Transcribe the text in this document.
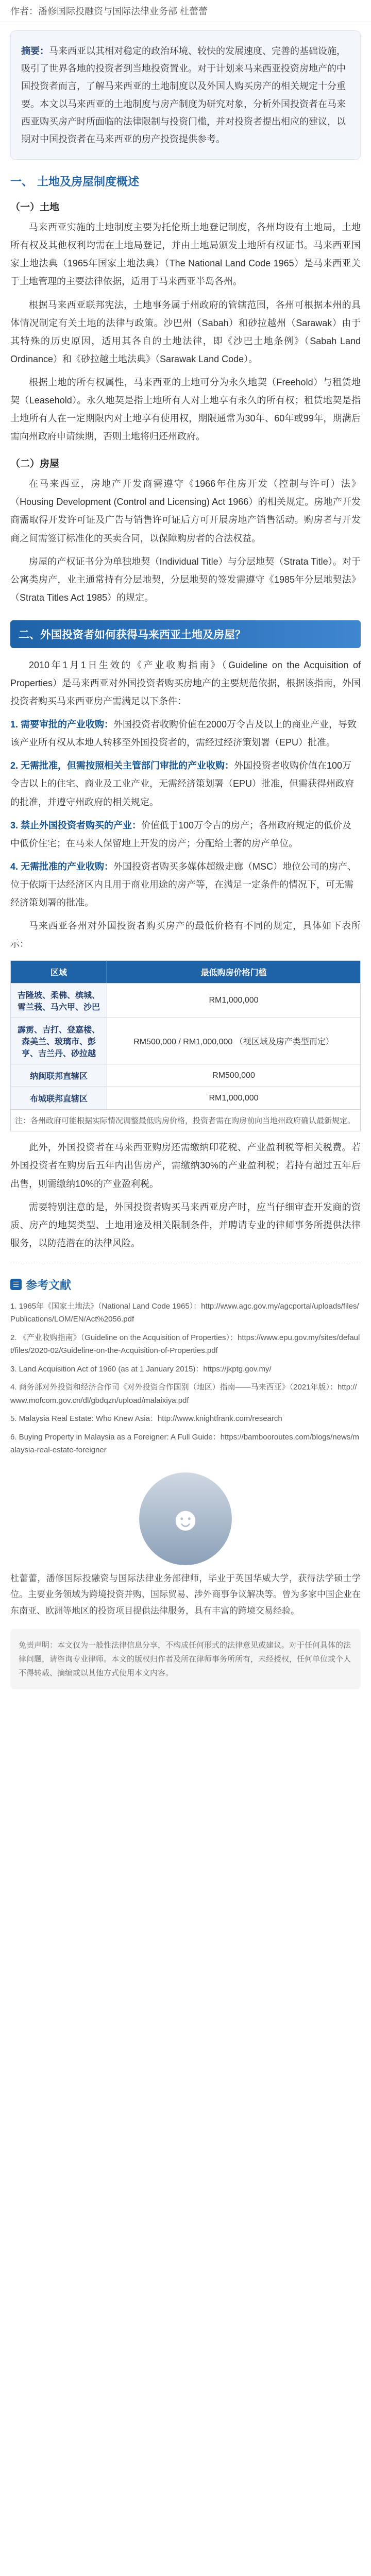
作者：潘修国际投融资与国际法律业务部 杜蕾蕾
摘要：马来西亚以其相对稳定的政治环境、较快的发展速度、完善的基础设施，吸引了世界各地的投资者到当地投资置业。对于计划来马来西亚投资房地产的中国投资者而言，了解马来西亚的土地制度以及外国人购买房产的相关规定十分重要。本文以马来西亚的土地制度与房产制度为研究对象，分析外国投资者在马来西亚购买房产时所面临的法律限制与投资门槛，并对投资者提出相应的建议，以期对中国投资者在马来西亚的房产投资提供参考。
一、 土地及房屋制度概述
（一）土地

马来西亚实施的土地制度主要为托伦斯土地登记制度，各州均设有土地局，土地所有权及其他权利均需在土地局登记，并由土地局颁发土地所有权证书。马来西亚国家土地法典（1965年国家土地法典）（The National Land Code 1965）是马来西亚关于土地管理的主要法律依据，适用于马来西亚半岛各州。

根据马来西亚联邦宪法，土地事务属于州政府的管辖范围，各州可根据本州的具体情况制定有关土地的法律与政策。沙巴州（Sabah）和砂拉越州（Sarawak）由于其特殊的历史原因，适用其各自的土地法律，即《沙巴土地条例》（Sabah Land Ordinance）和《砂拉越土地法典》（Sarawak Land Code）。

根据土地的所有权属性，马来西亚的土地可分为永久地契（Freehold）与租赁地契（Leasehold）。永久地契是指土地所有人对土地享有永久的所有权；租赁地契是指土地所有人在一定期限内对土地享有使用权，期限通常为30年、60年或99年，期满后需向州政府申请续期，否则土地将归还州政府。

（二）房屋

在马来西亚，房地产开发商需遵守《1966年住房开发（控制与许可）法》（Housing Development (Control and Licensing) Act 1966）的相关规定。房地产开发商需取得开发许可证及广告与销售许可证后方可开展房地产销售活动。购房者与开发商之间需签订标准化的买卖合同，以保障购房者的合法权益。

房屋的产权证书分为单独地契（Individual Title）与分层地契（Strata Title）。对于公寓类房产，业主通常持有分层地契，分层地契的签发需遵守《1985年分层地契法》（Strata Titles Act 1985）的规定。

二、外国投资者如何获得马来西亚土地及房屋？

2010年1月1日生效的《产业收购指南》（Guideline on the Acquisition of Properties）是马来西亚对外国投资者购买房地产的主要规范依据，根据该指南，外国投资者购买马来西亚房产需满足以下条件：

1. 需要审批的产业收购：外国投资者收购价值在2000万令吉及以上的商业产业，导致该产业所有权从本地人转移至外国投资者的，需经过经济策划署（EPU）批准。
2. 无需批准，但需按照相关主管部门审批的产业收购：外国投资者收购价值在100万令吉以上的住宅、商业及工业产业，无需经济策划署（EPU）批准，但需获得州政府的批准，并遵守州政府的相关规定。
3. 禁止外国投资者购买的产业：价值低于100万令吉的房产；各州政府规定的低价及中低价住宅；在马来人保留地上开发的房产；分配给土著的房产单位。
4. 无需批准的产业收购：外国投资者购买多媒体超级走廊（MSC）地位公司的房产、位于依斯干达经济区内且用于商业用途的房产等，在满足一定条件的情况下，可无需经济策划署的批准。

马来西亚各州对外国投资者购买房产的最低价格有不同的规定，具体如下表所示：

区域	最低购房价格门槛
吉隆坡、柔佛、槟城、雪兰莪、马六甲、沙巴	RM1,000,000
霹雳、吉打、登嘉楼、森美兰、玻璃市、彭亨、吉兰丹、砂拉越	RM500,000 / RM1,000,000 （视区域及房产类型而定）
纳闽联邦直辖区	RM500,000
布城联邦直辖区	RM1,000,000
注：各州政府可能根据实际情况调整最低购房价格，投资者需在购房前向当地州政府确认最新规定。	

此外，外国投资者在马来西亚购房还需缴纳印花税、产业盈利税等相关税费。若外国投资者在购房后五年内出售房产，需缴纳30%的产业盈利税；若持有超过五年后出售，则需缴纳10%的产业盈利税。

需要特别注意的是，外国投资者购买马来西亚房产时，应当仔细审查开发商的资质、房产的地契类型、土地用途及相关限制条件，并聘请专业的律师事务所提供法律服务，以防范潜在的法律风险。

☰ 参考文献
1. 1965年《国家土地法》（National Land Code 1965）：http://www.agc.gov.my/agcportal/uploads/files/Publications/LOM/EN/Act%2056.pdf
2. 《产业收购指南》（Guideline on the Acquisition of Properties）：https://www.epu.gov.my/sites/default/files/2020-02/Guideline-on-the-Acquisition-of-Properties.pdf
3. Land Acquisition Act of 1960 (as at 1 January 2015)：https://jkptg.gov.my/
4. 商务部对外投资和经济合作司《对外投资合作国别（地区）指南——马来西亚》（2021年版）：http://www.mofcom.gov.cn/dl/gbdqzn/upload/malaixiya.pdf
5. Malaysia Real Estate: Who Knew Asia：http://www.knightfrank.com/research
6. Buying Property in Malaysia as a Foreigner: A Full Guide：https://bambooroutes.com/blogs/news/malaysia-real-estate-foreigner
☻

杜蕾蕾，潘修国际投融资与国际法律业务部律师，毕业于英国华威大学，获得法学硕士学位。主要业务领域为跨境投资并购、国际贸易、涉外商事争议解决等。曾为多家中国企业在东南亚、欧洲等地区的投资项目提供法律服务，具有丰富的跨境交易经验。

免责声明：本文仅为一般性法律信息分享，不构成任何形式的法律意见或建议。对于任何具体的法律问题，请咨询专业律师。本文的版权归作者及所在律师事务所所有，未经授权，任何单位或个人不得转载、摘编或以其他方式使用本文内容。
